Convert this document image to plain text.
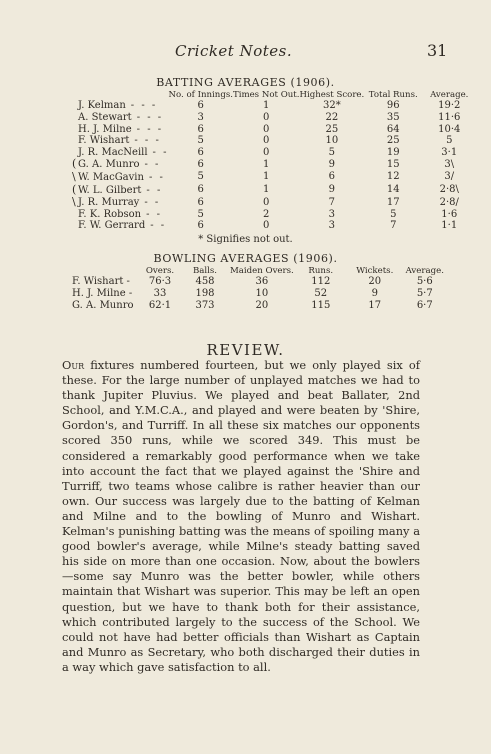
Cricket Notes.	31
BATTING AVERAGES (1906).
	No. of Innings.	Times Not Out.	Highest Score.	Total Runs.	Average.
J. Kelman - - -	6	1	32*	96	19·2
A. Stewart - - -	3	0	22	35	11·6
H. J. Milne - - -	6	0	25	64	10·4
F. Wishart - - -	5	0	10	25	5
J. R. MacNeill - -	6	0	5	19	3·1
( G. A. Munro - -	6	1	9	15	3\
\ W. MacGavin - -	5	1	6	12	3/
( W. L. Gilbert - -	6	1	9	14	2·8\
\ J. R. Murray - -	6	0	7	17	2·8/
F. K. Robson - -	5	2	3	5	1·6
F. W. Gerrard - -	6	0	3	7	1·1
* Signifies not out.
BOWLING AVERAGES (1906).
	Overs.	Balls.	Maiden Overs.	Runs.	Wickets.	Average.
F. Wishart -	76·3	458	36	112	20	5·6
H. J. Milne -	33	198	10	52	9	5·7
G. A. Munro	62·1	373	20	115	17	6·7
REVIEW.

Our fixtures numbered fourteen, but we only played six of these. For the large number of unplayed matches we had to thank Jupiter Pluvius. We played and beat Ballater, 2nd School, and Y.M.C.A., and played and were beaten by 'Shire, Gordon's, and Turriff. In all these six matches our opponents scored 350 runs, while we scored 349. This must be considered a remarkably good performance when we take into account the fact that we played against the 'Shire and Turriff, two teams whose calibre is rather heavier than our own. Our success was largely due to the batting of Kelman and Milne and to the bowling of Munro and Wishart. Kelman's punishing batting was the means of spoiling many a good bowler's average, while Milne's steady batting saved his side on more than one occasion. Now, about the bowlers—some say Munro was the better bowler, while others maintain that Wishart was superior. This may be left an open question, but we have to thank both for their assistance, which contributed largely to the success of the School. We could not have had better officials than Wishart as Captain and Munro as Secretary, who both discharged their duties in a way which gave satisfaction to all.
